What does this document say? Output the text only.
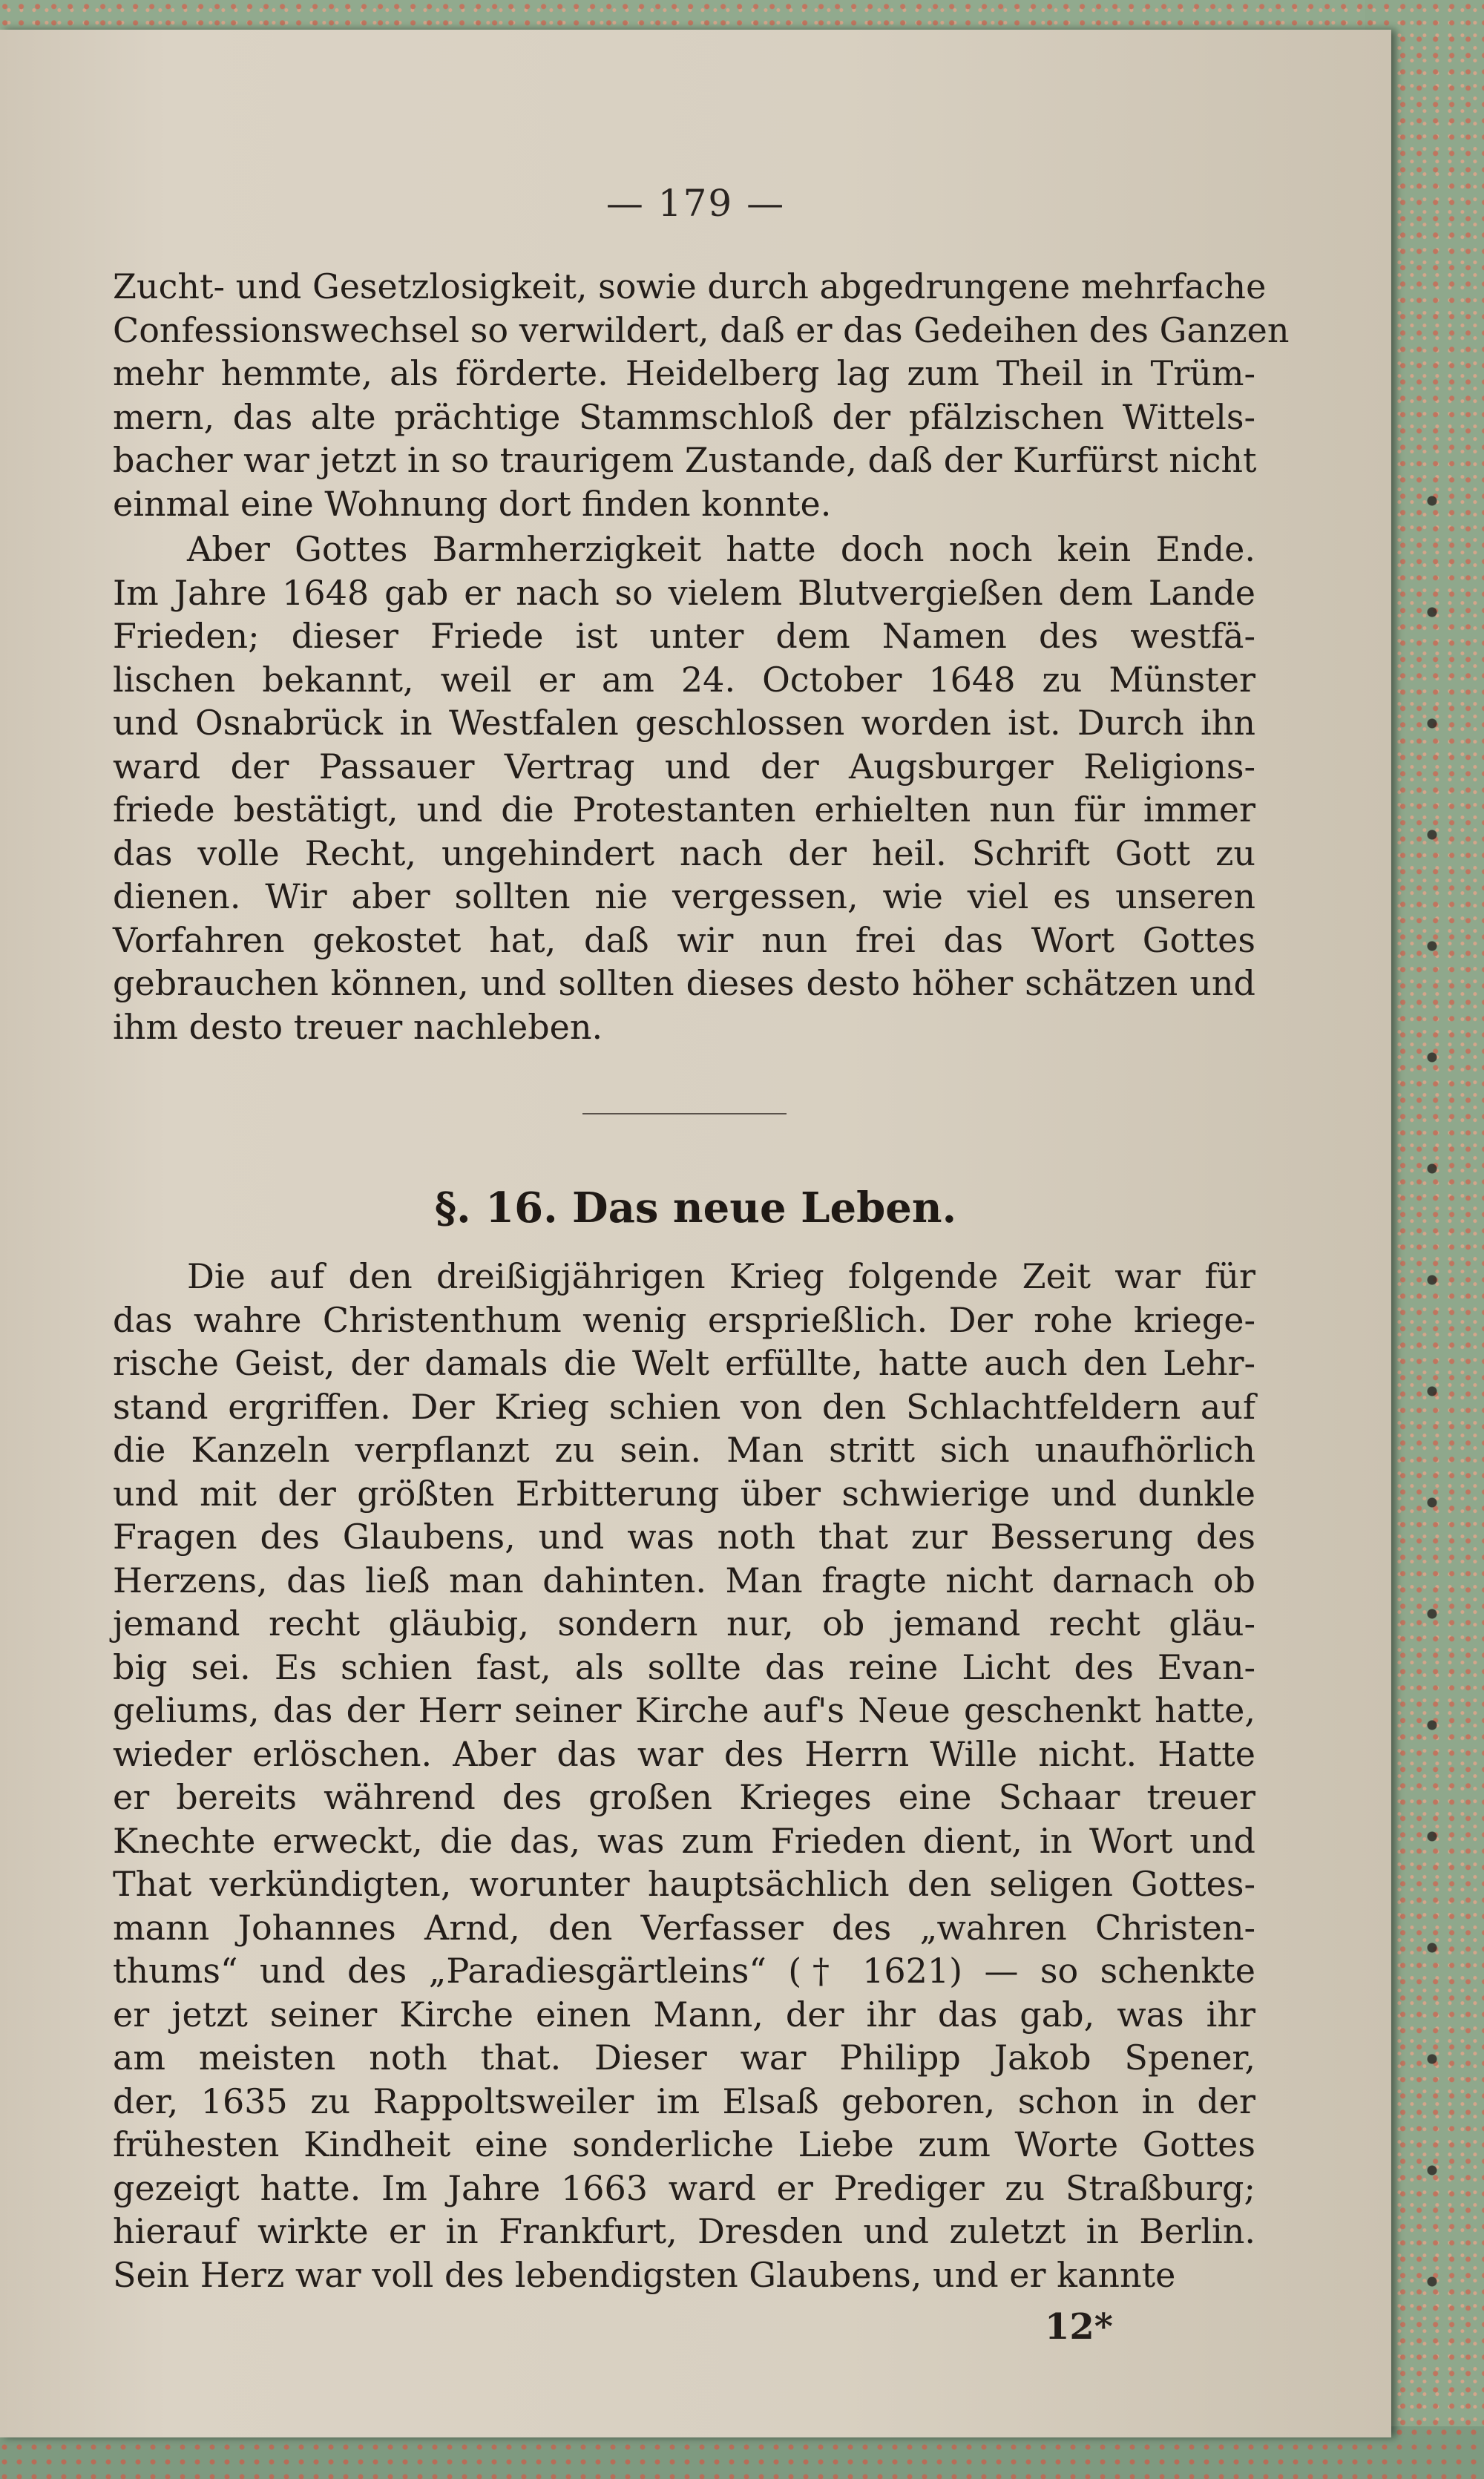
— 179 —
Zucht- und Gesetzlosigkeit, sowie durch abgedrungene mehrfache
Confessionswechsel so verwildert, daß er das Gedeihen des Ganzen
mehr hemmte, als förderte. Heidelberg lag zum Theil in Trüm-
mern, das alte prächtige Stammschloß der pfälzischen Wittels-
bacher war jetzt in so traurigem Zustande, daß der Kurfürst nicht
einmal eine Wohnung dort finden konnte.
Aber Gottes Barmherzigkeit hatte doch noch kein Ende.
Im Jahre 1648 gab er nach so vielem Blutvergießen dem Lande
Frieden; dieser Friede ist unter dem Namen des westfä-
lischen bekannt, weil er am 24. October 1648 zu Münster
und Osnabrück in Westfalen geschlossen worden ist. Durch ihn
ward der Passauer Vertrag und der Augsburger Religions-
friede bestätigt, und die Protestanten erhielten nun für immer
das volle Recht, ungehindert nach der heil. Schrift Gott zu
dienen. Wir aber sollten nie vergessen, wie viel es unseren
Vorfahren gekostet hat, daß wir nun frei das Wort Gottes
gebrauchen können, und sollten dieses desto höher schätzen und
ihm desto treuer nachleben.
§. 16. Das neue Leben.
Die auf den dreißigjährigen Krieg folgende Zeit war für
das wahre Christenthum wenig ersprießlich. Der rohe kriege-
rische Geist, der damals die Welt erfüllte, hatte auch den Lehr-
stand ergriffen. Der Krieg schien von den Schlachtfeldern auf
die Kanzeln verpflanzt zu sein. Man stritt sich unaufhörlich
und mit der größten Erbitterung über schwierige und dunkle
Fragen des Glaubens, und was noth that zur Besserung des
Herzens, das ließ man dahinten. Man fragte nicht darnach ob
jemand recht gläubig, sondern nur, ob jemand recht gläu-
big sei. Es schien fast, als sollte das reine Licht des Evan-
geliums, das der Herr seiner Kirche auf's Neue geschenkt hatte,
wieder erlöschen. Aber das war des Herrn Wille nicht. Hatte
er bereits während des großen Krieges eine Schaar treuer
Knechte erweckt, die das, was zum Frieden dient, in Wort und
That verkündigten, worunter hauptsächlich den seligen Gottes-
mann Johannes Arnd, den Verfasser des „wahren Christen-
thums“ und des „Paradiesgärtleins“ († 1621) — so schenkte
er jetzt seiner Kirche einen Mann, der ihr das gab, was ihr
am meisten noth that. Dieser war Philipp Jakob Spener,
der, 1635 zu Rappoltsweiler im Elsaß geboren, schon in der
frühesten Kindheit eine sonderliche Liebe zum Worte Gottes
gezeigt hatte. Im Jahre 1663 ward er Prediger zu Straßburg;
hierauf wirkte er in Frankfurt, Dresden und zuletzt in Berlin.
Sein Herz war voll des lebendigsten Glaubens, und er kannte
12*
